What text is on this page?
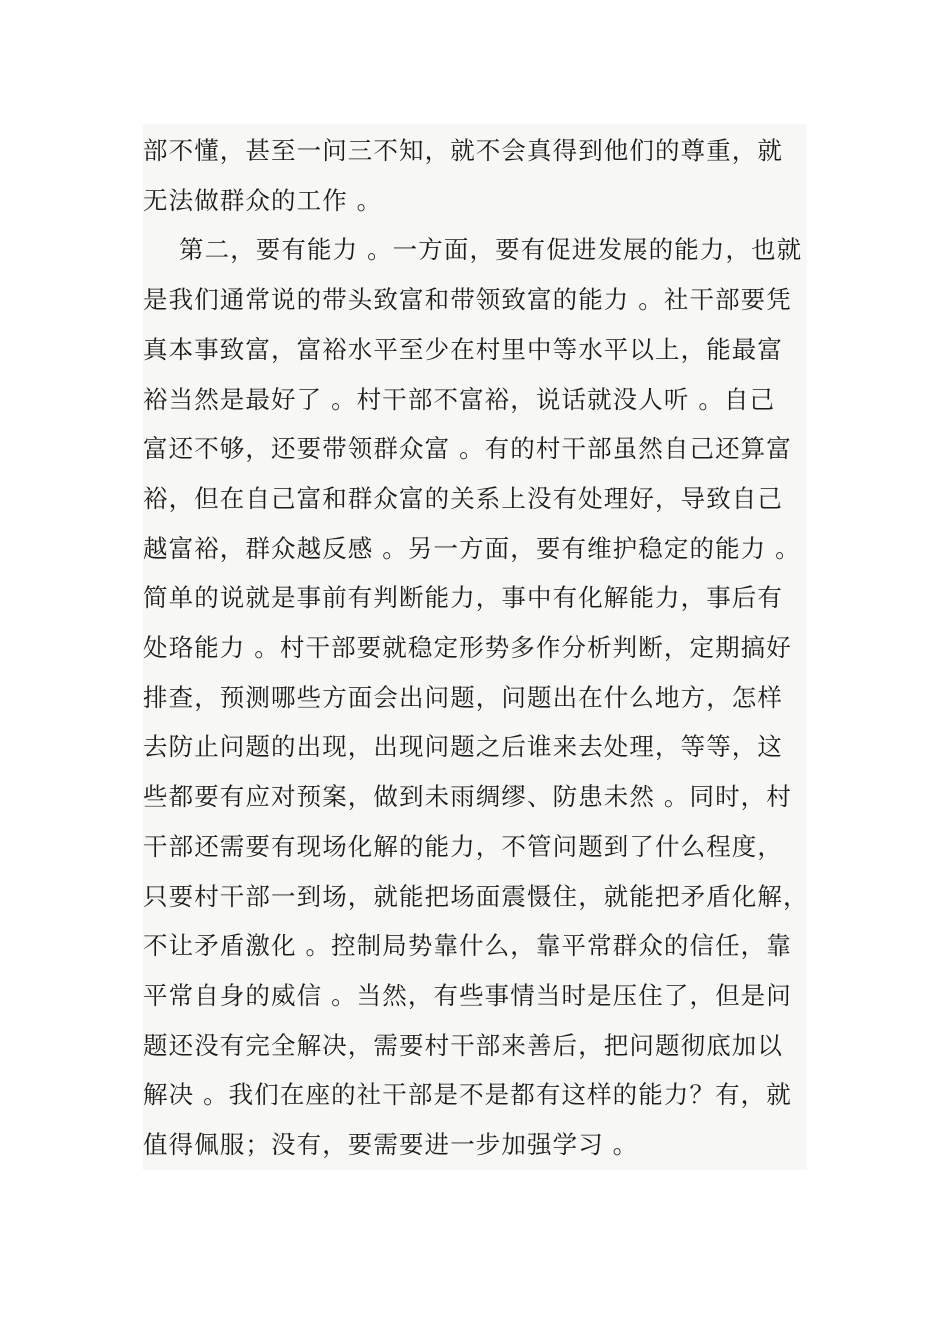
部不懂，甚至一问三不知，就不会真得到他们的尊重，就
无法做群众的工作 。
第二，要有能力 。一方面，要有促进发展的能力，也就
是我们通常说的带头致富和带领致富的能力 。社干部要凭
真本事致富，富裕水平至少在村里中等水平以上，能最富
裕当然是最好了 。村干部不富裕，说话就没人听 。自己
富还不够，还要带领群众富 。有的村干部虽然自己还算富
裕，但在自己富和群众富的关系上没有处理好，导致自己
越富裕，群众越反感 。另一方面，要有维护稳定的能力 。
简单的说就是事前有判断能力，事中有化解能力，事后有
处珞能力 。村干部要就稳定形势多作分析判断，定期搞好
排查，预测哪些方面会出问题，问题出在什么地方，怎样
去防止问题的出现，出现问题之后谁来去处理，等等，这
些都要有应对预案，做到未雨绸缪、防患未然 。同时，村
干部还需要有现场化解的能力，不管问题到了什么程度，
只要村干部一到场，就能把场面震慑住，就能把矛盾化解，
不让矛盾激化 。控制局势靠什么，靠平常群众的信任，靠
平常自身的威信 。当然，有些事情当时是压住了，但是问
题还没有完全解决，需要村干部来善后，把问题彻底加以
解决 。我们在座的社干部是不是都有这样的能力？有，就
值得佩服；没有，要需要进一步加强学习 。
